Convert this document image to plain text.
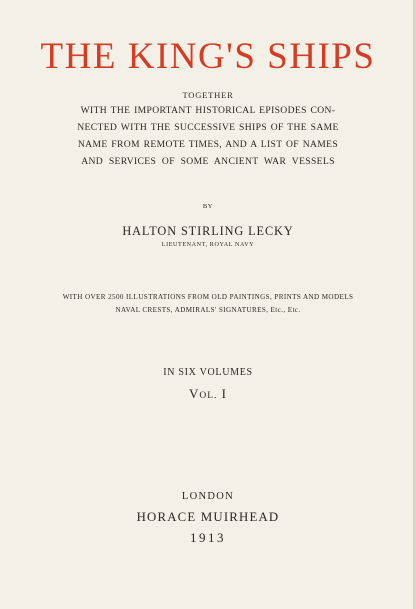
THE KING'S SHIPS
TOGETHER
WITH THE IMPORTANT HISTORICAL EPISODES CON-
NECTED WITH THE SUCCESSIVE SHIPS OF THE SAME
NAME FROM REMOTE TIMES, AND A LIST OF NAMES
AND SERVICES OF SOME ANCIENT WAR VESSELS
BY
HALTON STIRLING LECKY
LIEUTENANT, ROYAL NAVY
WITH OVER 2500 ILLUSTRATIONS FROM OLD PAINTINGS, PRINTS AND MODELS
NAVAL CRESTS, ADMIRALS' SIGNATURES, Etc., Etc.
IN SIX VOLUMES
VOL. I
LONDON
HORACE MUIRHEAD
1913
